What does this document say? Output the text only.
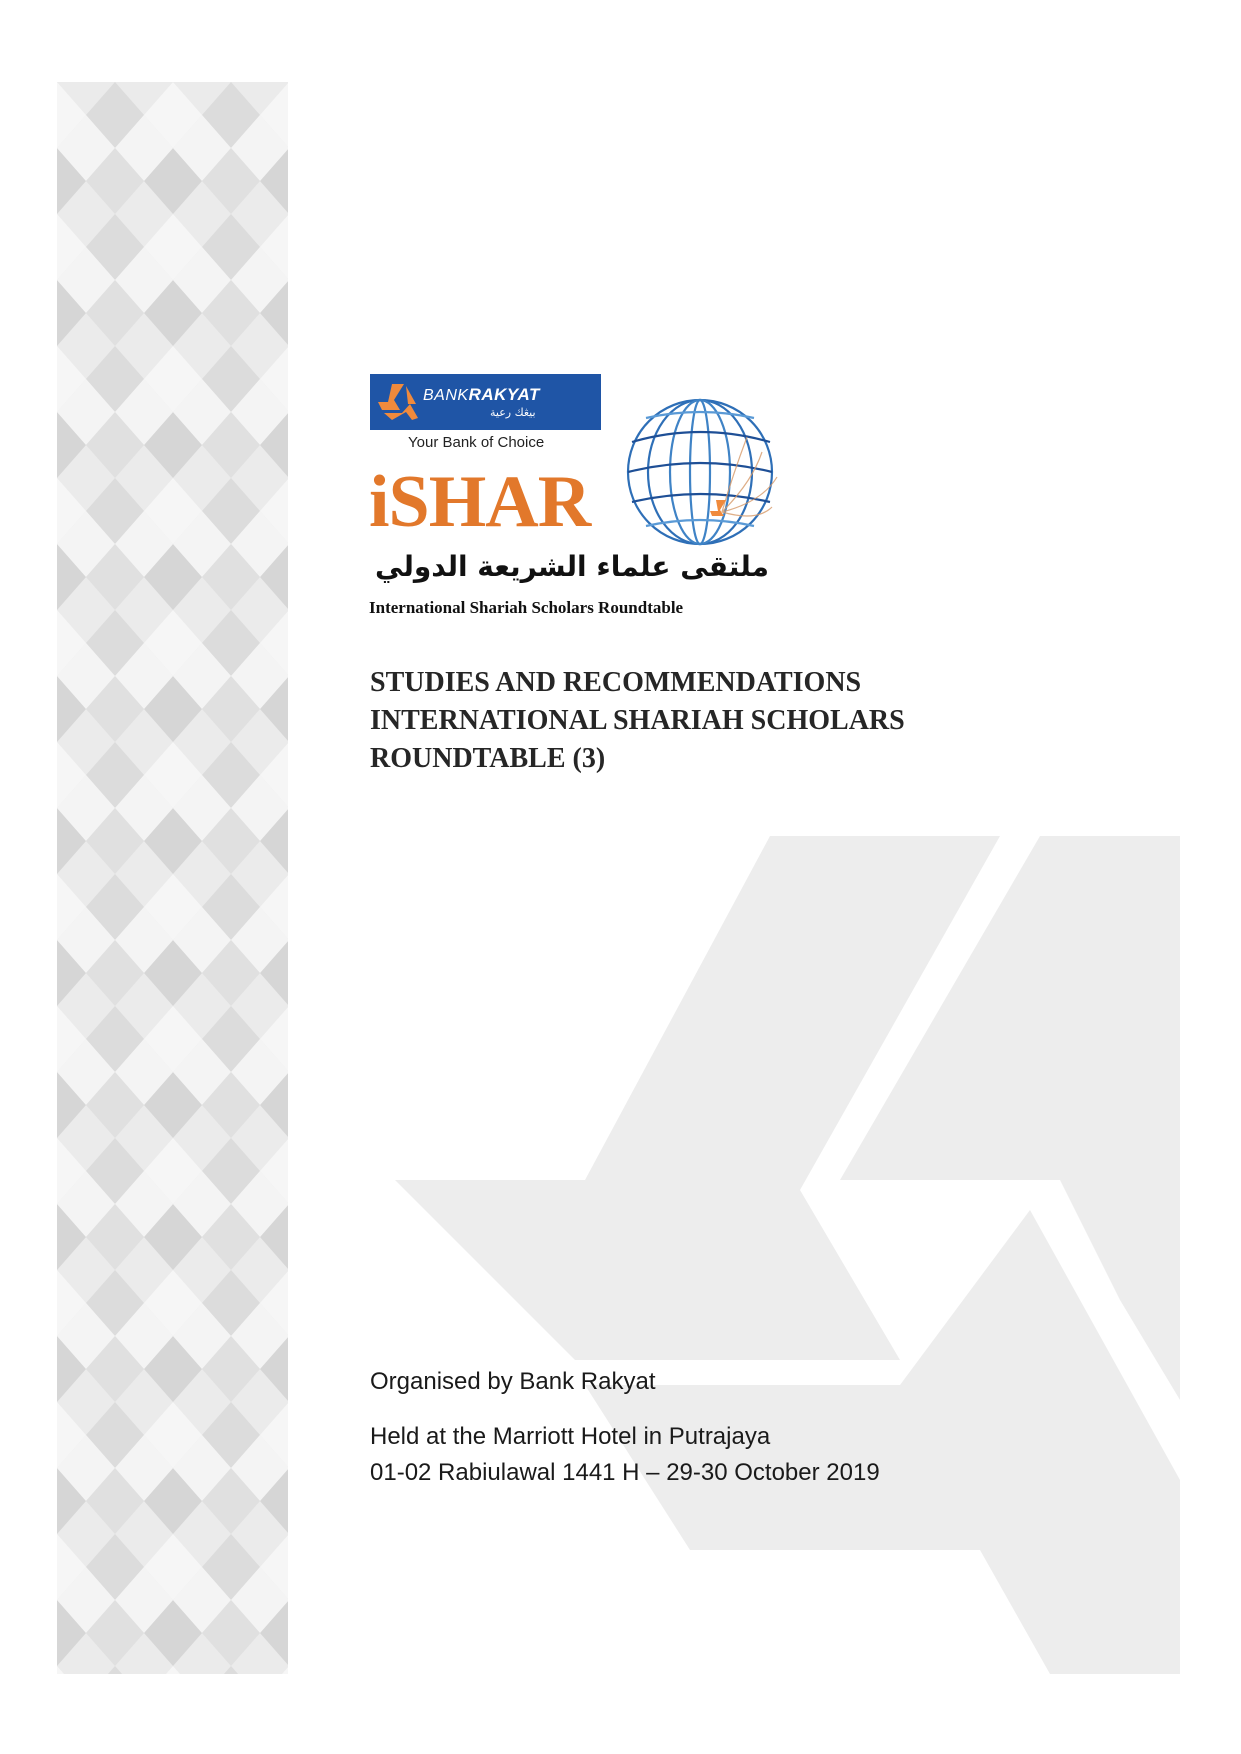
BANKRAKYAT
بيڠك رعية
Your Bank of Choice
iSHAR
ملتقى علماء الشريعة الدولي
International Shariah Scholars Roundtable
STUDIES AND RECOMMENDATIONS
INTERNATIONAL SHARIAH SCHOLARS
ROUNDTABLE (3)
Organised by Bank Rakyat
Held at the Marriott Hotel in Putrajaya
01-02 Rabiulawal 1441 H – 29-30 October 2019
